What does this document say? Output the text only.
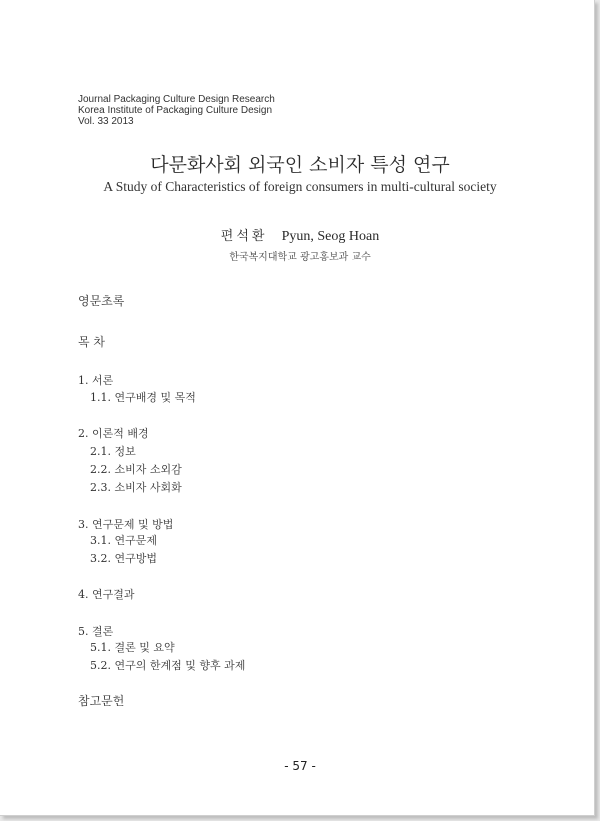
Journal Packaging Culture Design Research
Korea Institute of Packaging Culture Design
Vol. 33 2013
다문화사회 외국인 소비자 특성 연구
A Study of Characteristics of foreign consumers in multi-cultural society
편석환 Pyun, Seog Hoan
한국복지대학교 광고홍보과 교수
영문초록
목 차
1. 서론
1.1. 연구배경 및 목적
2. 이론적 배경
2.1. 정보
2.2. 소비자 소외감
2.3. 소비자 사회화
3. 연구문제 및 방법
3.1. 연구문제
3.2. 연구방법
4. 연구결과
5. 결론
5.1. 결론 및 요약
5.2. 연구의 한계점 및 향후 과제
참고문헌
- 57 -
